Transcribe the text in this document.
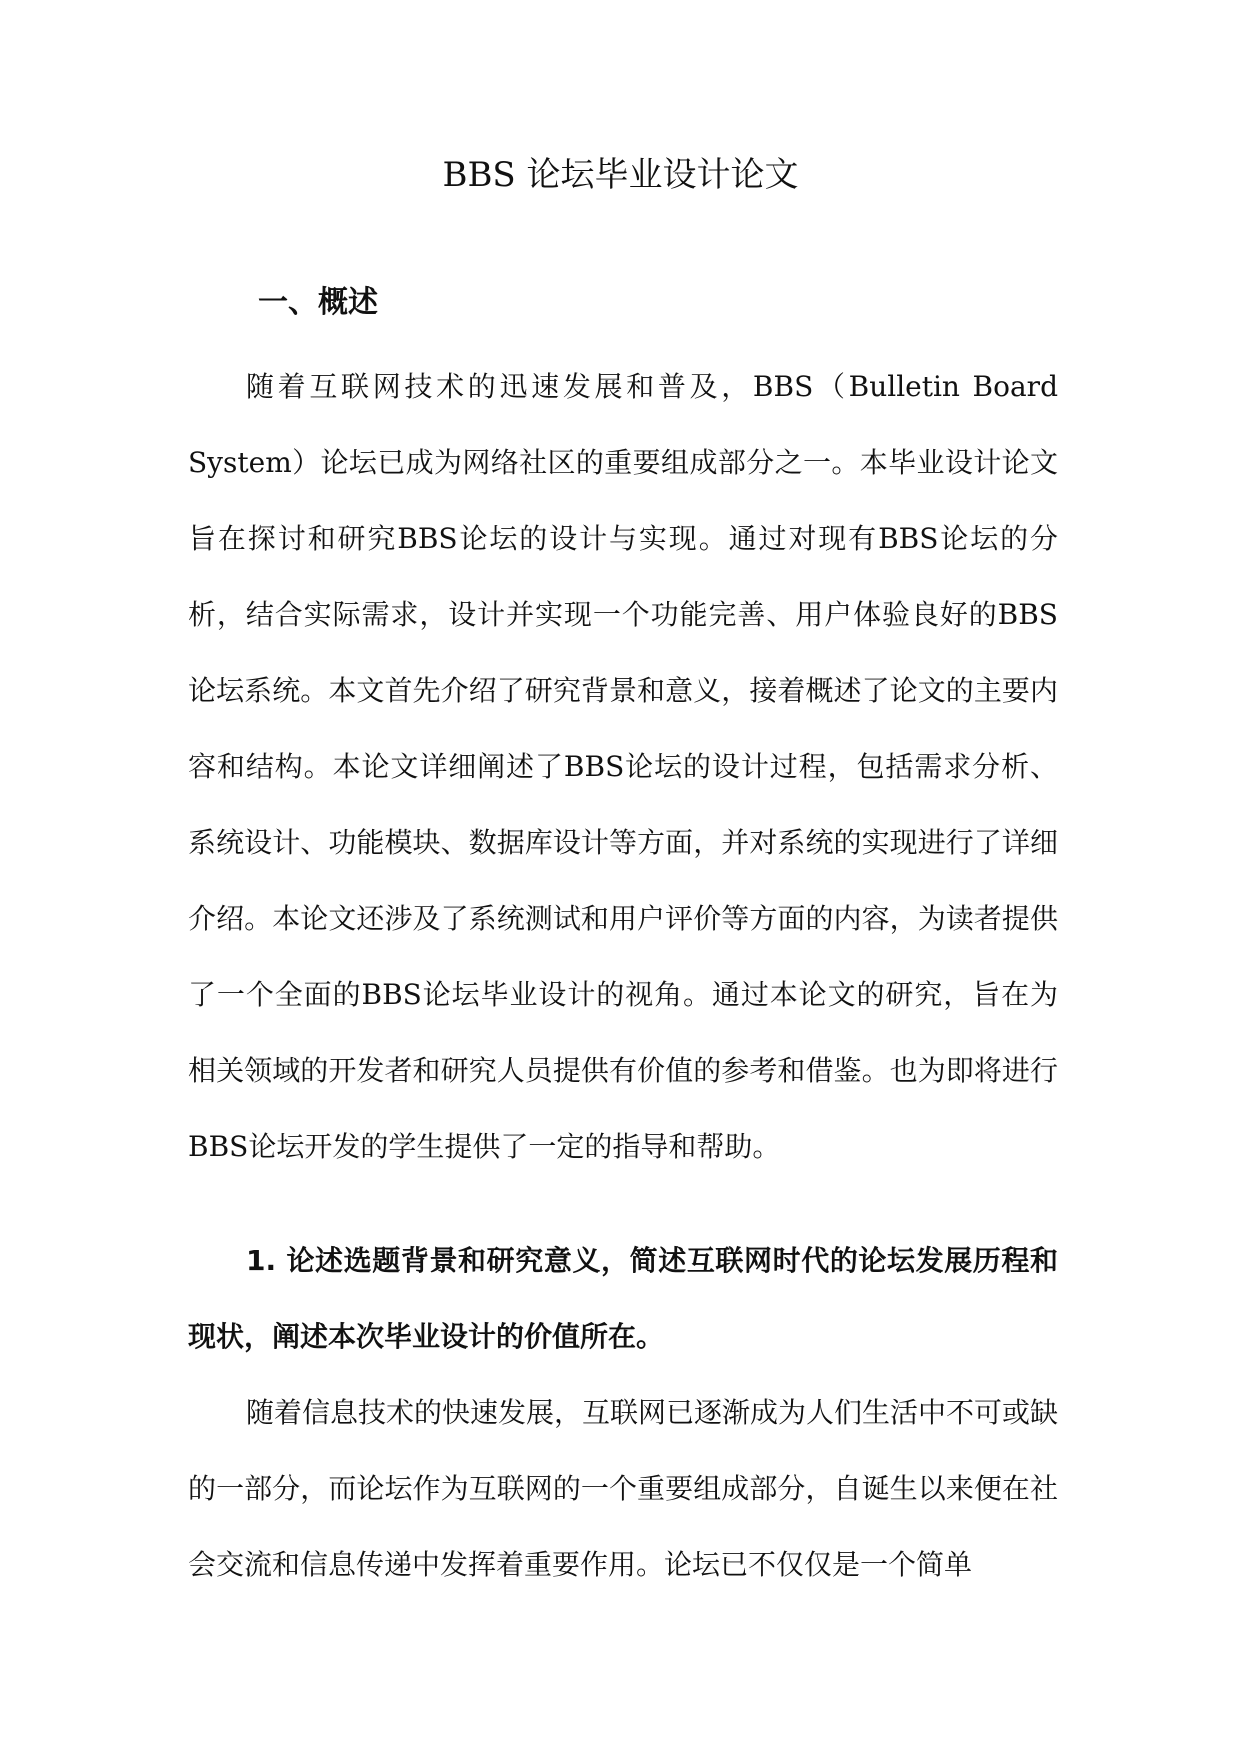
BBS 论坛毕业设计论文
一、概述

随着互联网技术的迅速发展和普及，BBS（Bulletin Board System）论坛已成为网络社区的重要组成部分之一。本毕业设计论文旨在探讨和研究BBS论坛的设计与实现。通过对现有BBS论坛的分析，结合实际需求，设计并实现一个功能完善、用户体验良好的BBS论坛系统。本文首先介绍了研究背景和意义，接着概述了论文的主要内容和结构。本论文详细阐述了BBS论坛的设计过程，包括需求分析、系统设计、功能模块、数据库设计等方面，并对系统的实现进行了详细介绍。本论文还涉及了系统测试和用户评价等方面的内容，为读者提供了一个全面的BBS论坛毕业设计的视角。通过本论文的研究，旨在为相关领域的开发者和研究人员提供有价值的参考和借鉴。也为即将进行BBS论坛开发的学生提供了一定的指导和帮助。

1. 论述选题背景和研究意义，简述互联网时代的论坛发展历程和现状，阐述本次毕业设计的价值所在。

随着信息技术的快速发展，互联网已逐渐成为人们生活中不可或缺的一部分，而论坛作为互联网的一个重要组成部分，自诞生以来便在社会交流和信息传递中发挥着重要作用。论坛已不仅仅是一个简单
